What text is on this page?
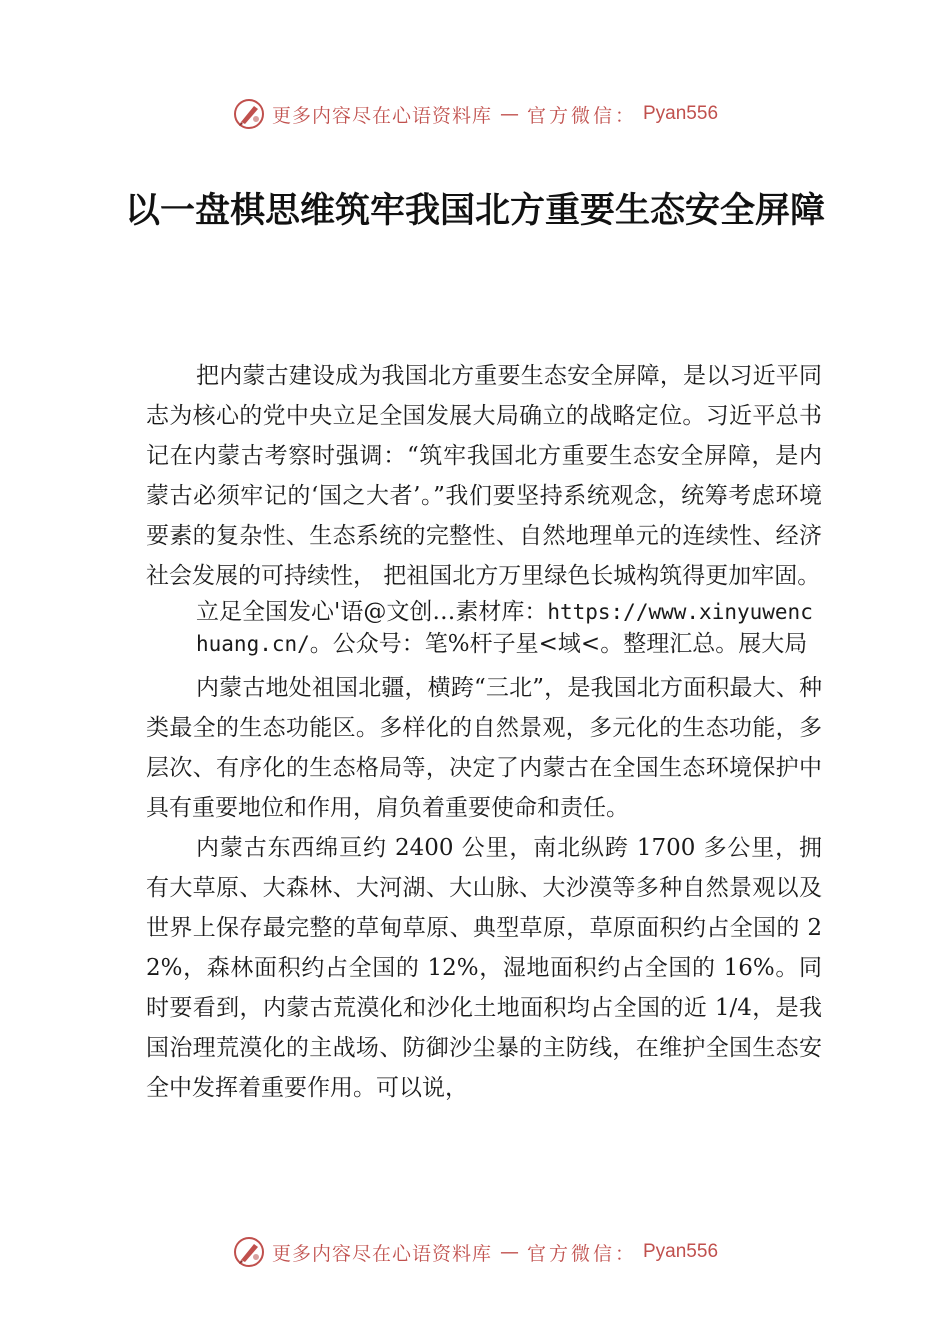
更多内容尽在心语资料库 — 官方微信： Pyan556
以一盘棋思维筑牢我国北方重要生态安全屏障

把内蒙古建设成为我国北方重要生态安全屏障，是以习近平同志为核心的党中央立足全国发展大局确立的战略定位。习近平总书记在内蒙古考察时强调：“筑牢我国北方重要生态安全屏障，是内蒙古必须牢记的‘国之大者’。”我们要坚持系统观念，统筹考虑环境要素的复杂性、生态系统的完整性、自然地理单元的连续性、经济社会发展的可持续性， 把祖国北方万里绿色长城构筑得更加牢固。

立足全国发心'语@文创…素材库：https://www.xinyuwenchuang.cn/。公众号：笔%杆子星<域<。整理汇总。展大局

内蒙古地处祖国北疆，横跨“三北”，是我国北方面积最大、种类最全的生态功能区。多样化的自然景观，多元化的生态功能，多层次、有序化的生态格局等，决定了内蒙古在全国生态环境保护中具有重要地位和作用，肩负着重要使命和责任。

内蒙古东西绵亘约 2400 公里，南北纵跨 1700 多公里，拥有大草原、大森林、大河湖、大山脉、大沙漠等多种自然景观以及世界上保存最完整的草甸草原、典型草原，草原面积约占全国的 22%，森林面积约占全国的 12%，湿地面积约占全国的 16%。同时要看到，内蒙古荒漠化和沙化土地面积均占全国的近 1/4，是我国治理荒漠化的主战场、防御沙尘暴的主防线，在维护全国生态安全中发挥着重要作用。可以说，

更多内容尽在心语资料库 — 官方微信： Pyan556
